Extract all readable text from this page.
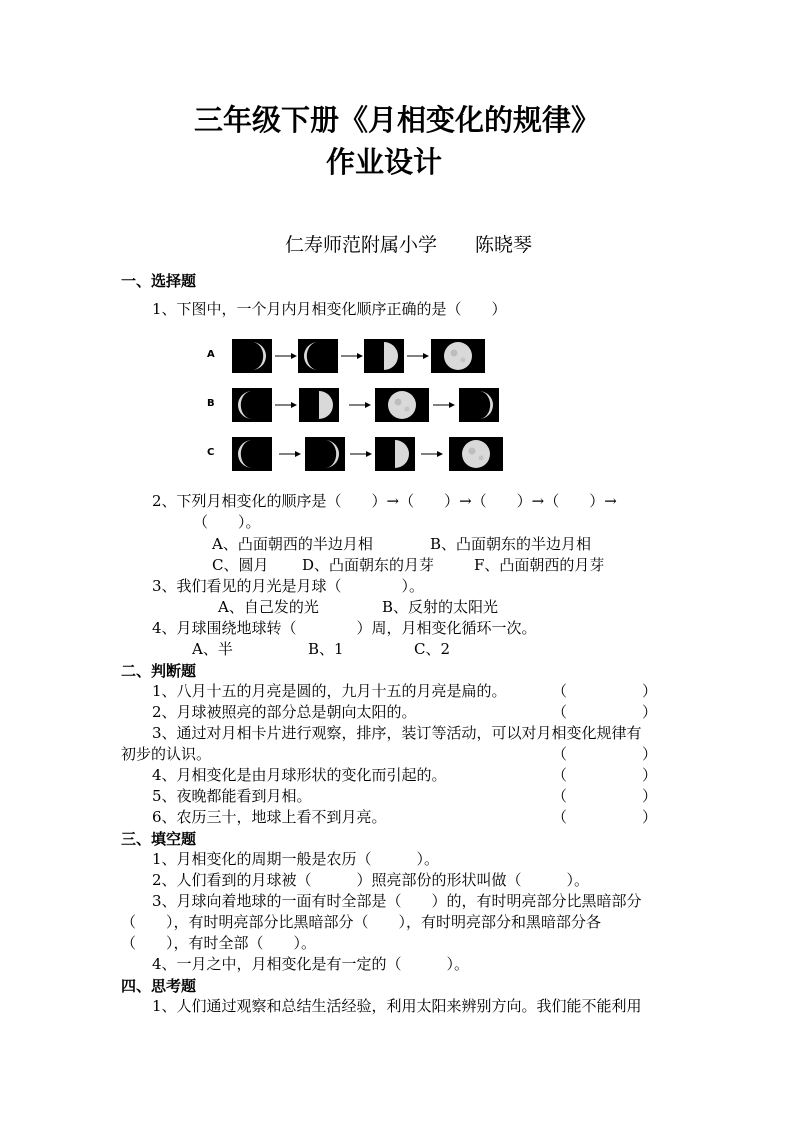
三年级下册《月相变化的规律》
作业设计
仁寿师范附属小学 陈晓琴
一、选择题
1、下图中，一个月内月相变化顺序正确的是（　　）
A
B
C
2、下列月相变化的顺序是（　　）→（　　）→（　　）→（　　）→
（　　）。
A、凸面朝西的半边月相	B、凸面朝东的半边月相
C、圆月 D、凸面朝东的月芽	F、凸面朝西的月芽
3、我们看见的月光是月球（　　　　）。
A、自己发的光	B、反射的太阳光
4、月球围绕地球转（　　　　）周，月相变化循环一次。
A、半	B、1	C、2
二、判断题
1、八月十五的月亮是圆的，九月十五的月亮是扁的。	（　　　　　）
2、月球被照亮的部分总是朝向太阳的。	（　　　　　）
3、通过对月相卡片进行观察，排序，装订等活动，可以对月相变化规律有
初步的认识。	（　　　　　）
4、月相变化是由月球形状的变化而引起的。	（　　　　　）
5、夜晚都能看到月相。	（　　　　　）
6、农历三十，地球上看不到月亮。	（　　　　　）
三、填空题
1、月相变化的周期一般是农历（　　　）。
2、人们看到的月球被（　　　）照亮部份的形状叫做（　　　）。
3、月球向着地球的一面有时全部是（　　）的，有时明亮部分比黑暗部分
（　　），有时明亮部分比黑暗部分（　　），有时明亮部分和黑暗部分各
（　　），有时全部（　　）。
4、一月之中，月相变化是有一定的（　　　）。
四、思考题
1、人们通过观察和总结生活经验，利用太阳来辨别方向。我们能不能利用
